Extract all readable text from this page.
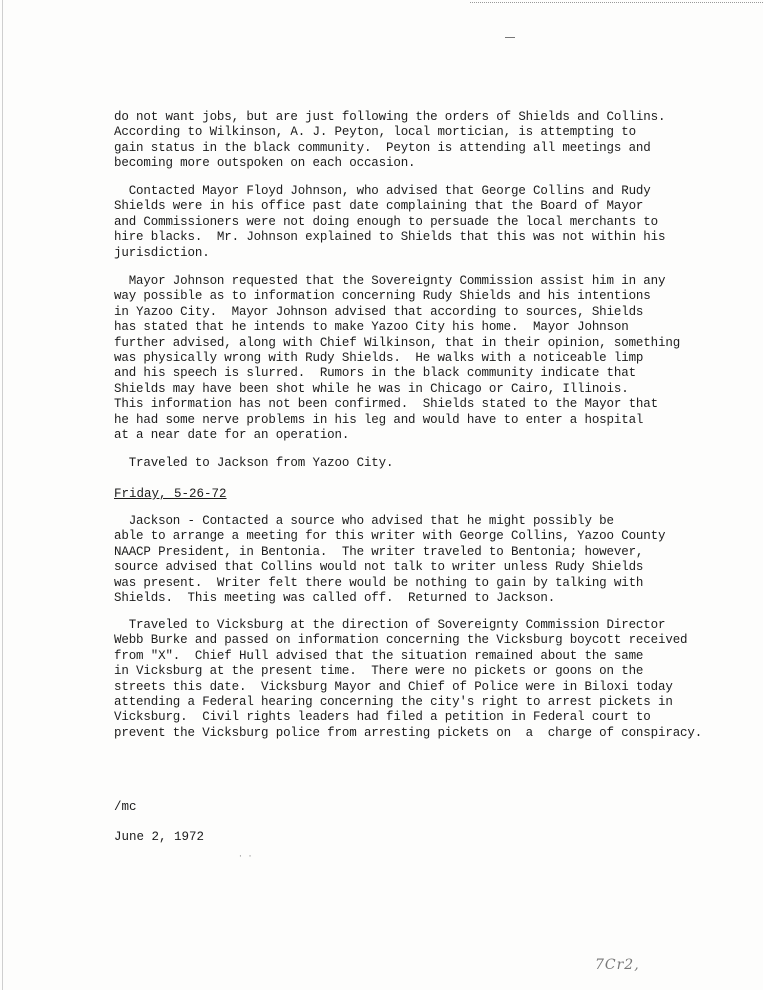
do not want jobs, but are just following the orders of Shields and Collins.
According to Wilkinson, A. J. Peyton, local mortician, is attempting to
gain status in the black community.  Peyton is attending all meetings and
becoming more outspoken on each occasion.
Contacted Mayor Floyd Johnson, who advised that George Collins and Rudy
Shields were in his office past date complaining that the Board of Mayor
and Commissioners were not doing enough to persuade the local merchants to
hire blacks.  Mr. Johnson explained to Shields that this was not within his
jurisdiction.
Mayor Johnson requested that the Sovereignty Commission assist him in any
way possible as to information concerning Rudy Shields and his intentions
in Yazoo City.  Mayor Johnson advised that according to sources, Shields
has stated that he intends to make Yazoo City his home.  Mayor Johnson
further advised, along with Chief Wilkinson, that in their opinion, something
was physically wrong with Rudy Shields.  He walks with a noticeable limp
and his speech is slurred.  Rumors in the black community indicate that
Shields may have been shot while he was in Chicago or Cairo, Illinois.
This information has not been confirmed.  Shields stated to the Mayor that
he had some nerve problems in his leg and would have to enter a hospital
at a near date for an operation.
Traveled to Jackson from Yazoo City.
Friday, 5-26-72
Jackson - Contacted a source who advised that he might possibly be
able to arrange a meeting for this writer with George Collins, Yazoo County
NAACP President, in Bentonia.  The writer traveled to Bentonia; however,
source advised that Collins would not talk to writer unless Rudy Shields
was present.  Writer felt there would be nothing to gain by talking with
Shields.  This meeting was called off.  Returned to Jackson.
Traveled to Vicksburg at the direction of Sovereignty Commission Director
Webb Burke and passed on information concerning the Vicksburg boycott received
from "X".  Chief Hull advised that the situation remained about the same
in Vicksburg at the present time.  There were no pickets or goons on the
streets this date.  Vicksburg Mayor and Chief of Police were in Biloxi today
attending a Federal hearing concerning the city's right to arrest pickets in
Vicksburg.  Civil rights leaders had filed a petition in Federal court to
prevent the Vicksburg police from arresting pickets on  a  charge of conspiracy.
/mc
June 2, 1972
· ·
7Cr2,
